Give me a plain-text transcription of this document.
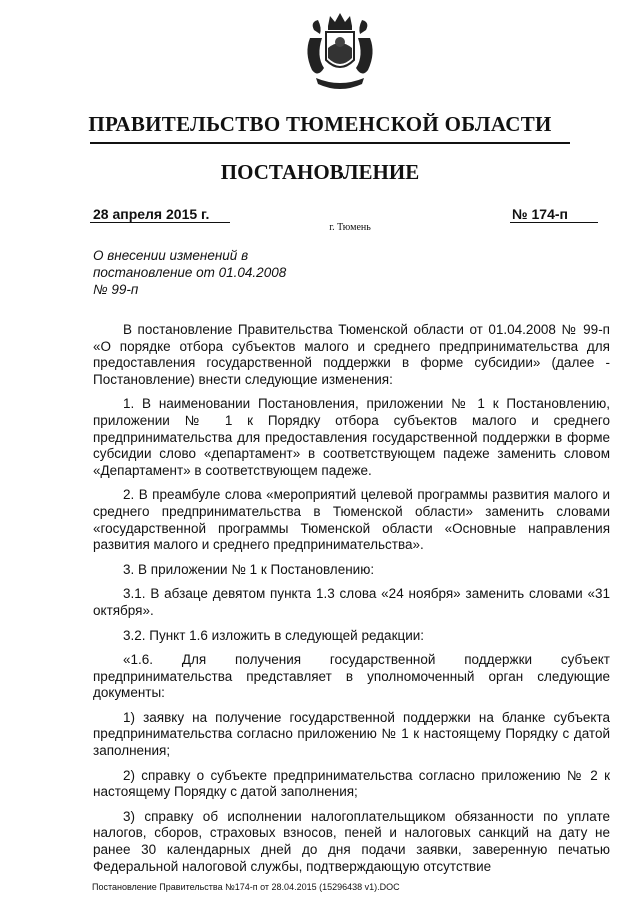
ПРАВИТЕЛЬСТВО ТЮМЕНСКОЙ ОБЛАСТИ
ПОСТАНОВЛЕНИЕ
28 апреля 2015 г.	№ 174-п
г. Тюмень
О внесении изменений в
постановление от 01.04.2008
№ 99-п

В постановление Правительства Тюменской области от 01.04.2008 № 99-п «О порядке отбора субъектов малого и среднего предпринимательства для предоставления государственной поддержки в форме субсидии» (далее - Постановление) внести следующие изменения:

1. В наименовании Постановления, приложении № 1 к Постановлению, приложении № 1 к Порядку отбора субъектов малого и среднего предпринимательства для предоставления государственной поддержки в форме субсидии слово «департамент» в соответствующем падеже заменить словом «Департамент» в соответствующем падеже.

2. В преамбуле слова «мероприятий целевой программы развития малого и среднего предпринимательства в Тюменской области» заменить словами «государственной программы Тюменской области «Основные направления развития малого и среднего предпринимательства».

3. В приложении № 1 к Постановлению:

3.1. В абзаце девятом пункта 1.3 слова «24 ноября» заменить словами «31 октября».

3.2. Пункт 1.6 изложить в следующей редакции:

«1.6. Для получения государственной поддержки субъект предпринимательства представляет в уполномоченный орган следующие документы:

1) заявку на получение государственной поддержки на бланке субъекта предпринимательства согласно приложению № 1 к настоящему Порядку с датой заполнения;

2) справку о субъекте предпринимательства согласно приложению № 2 к настоящему Порядку с датой заполнения;

3) справку об исполнении налогоплательщиком обязанности по уплате налогов, сборов, страховых взносов, пеней и налоговых санкций на дату не ранее 30 календарных дней до дня подачи заявки, заверенную печатью Федеральной налоговой службы, подтверждающую отсутствие

Постановление Правительства №174-п от 28.04.2015 (15296438 v1).DOC
